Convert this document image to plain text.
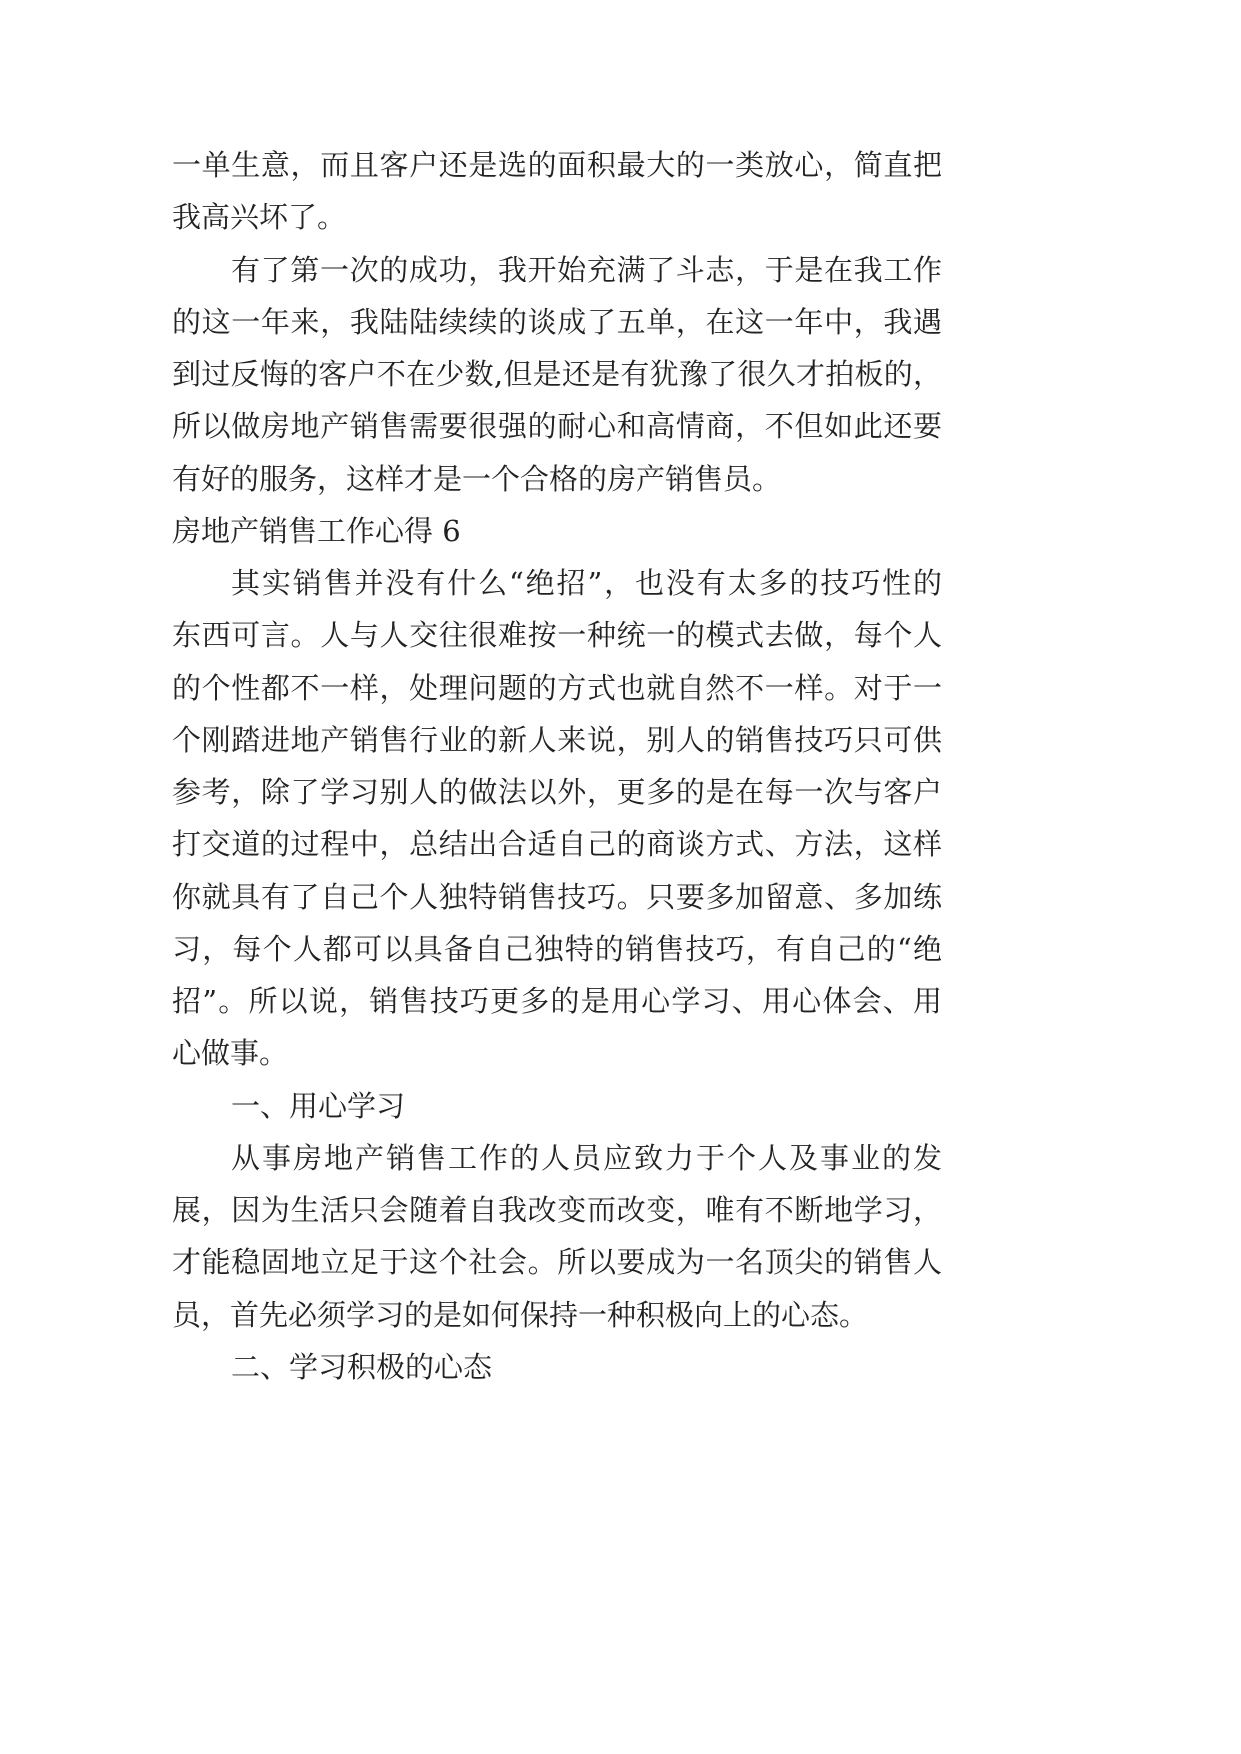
一单生意，而且客户还是选的面积最大的一类放心，简直把
我高兴坏了。
有了第一次的成功，我开始充满了斗志，于是在我工作
的这一年来，我陆陆续续的谈成了五单，在这一年中，我遇
到过反悔的客户不在少数,但是还是有犹豫了很久才拍板的，
所以做房地产销售需要很强的耐心和高情商，不但如此还要
有好的服务，这样才是一个合格的房产销售员。
房地产销售工作心得 6
其实销售并没有什么“绝招”，也没有太多的技巧性的
东西可言。人与人交往很难按一种统一的模式去做，每个人
的个性都不一样，处理问题的方式也就自然不一样。对于一
个刚踏进地产销售行业的新人来说，别人的销售技巧只可供
参考，除了学习别人的做法以外，更多的是在每一次与客户
打交道的过程中，总结出合适自己的商谈方式、方法，这样
你就具有了自己个人独特销售技巧。只要多加留意、多加练
习，每个人都可以具备自己独特的销售技巧，有自己的“绝
招”。所以说，销售技巧更多的是用心学习、用心体会、用
心做事。
一、用心学习
从事房地产销售工作的人员应致力于个人及事业的发
展，因为生活只会随着自我改变而改变，唯有不断地学习，
才能稳固地立足于这个社会。所以要成为一名顶尖的销售人
员，首先必须学习的是如何保持一种积极向上的心态。
二、学习积极的心态
